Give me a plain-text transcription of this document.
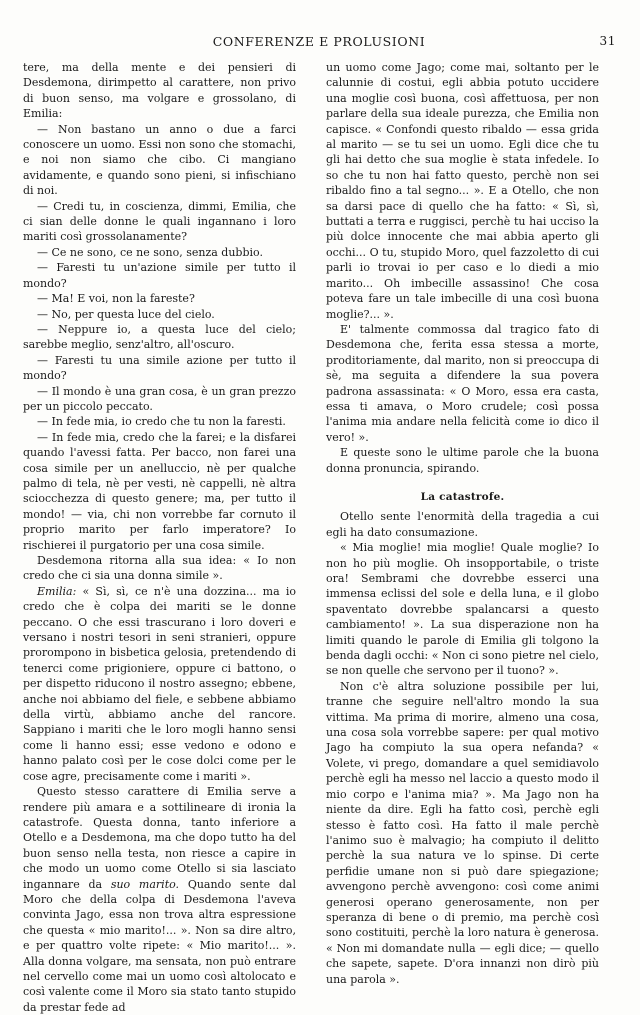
CONFERENZE E PROLUSIONI	31

tere, ma della mente e dei pensieri di Desdemona, dirimpetto al carattere, non privo di buon senso, ma volgare e grossolano, di Emilia:

— Non bastano un anno o due a farci conoscere un uomo. Essi non sono che stomachi, e noi non siamo che cibo. Ci mangiano avidamente, e quando sono pieni, si infischiano di noi.

— Credi tu, in coscienza, dimmi, Emilia, che ci sian delle donne le quali ingannano i loro mariti così grossolanamente?

— Ce ne sono, ce ne sono, senza dubbio.

— Faresti tu un'azione simile per tutto il mondo?

— Ma! E voi, non la fareste?

— No, per questa luce del cielo.

— Neppure io, a questa luce del cielo; sarebbe meglio, senz'altro, all'oscuro.

— Faresti tu una simile azione per tutto il mondo?

— Il mondo è una gran cosa, è un gran prezzo per un piccolo peccato.

— In fede mia, io credo che tu non la faresti.

— In fede mia, credo che la farei; e la disfarei quando l'avessi fatta. Per bacco, non farei una cosa simile per un anelluccio, nè per qualche palmo di tela, nè per vesti, nè cappelli, nè altra sciocchezza di questo genere; ma, per tutto il mondo! — via, chi non vorrebbe far cornuto il proprio marito per farlo imperatore? Io rischierei il purgatorio per una cosa simile.

Desdemona ritorna alla sua idea: « Io non credo che ci sia una donna simile ».

Emilia: « Sì, sì, ce n'è una dozzina... ma io credo che è colpa dei mariti se le donne peccano. O che essi trascurano i loro doveri e versano i nostri tesori in seni stranieri, oppure prorompono in bisbetica gelosia, pretendendo di tenerci come prigioniere, oppure ci battono, o per dispetto riducono il nostro assegno; ebbene, anche noi abbiamo del fiele, e sebbene abbiamo della virtù, abbiamo anche del rancore. Sappiano i mariti che le loro mogli hanno sensi come li hanno essi; esse vedono e odono e hanno palato così per le cose dolci come per le cose agre, precisamente come i mariti ».

Questo stesso carattere di Emilia serve a rendere più amara e a sottilineare di ironia la catastrofe. Questa donna, tanto inferiore a Otello e a Desdemona, ma che dopo tutto ha del buon senso nella testa, non riesce a capire in che modo un uomo come Otello si sia lasciato ingannare da suo marito. Quando sente dal Moro che della colpa di Desdemona l'aveva convinta Jago, essa non trova altra espressione che questa « mio marito!... ». Non sa dire altro, e per quattro volte ripete: « Mio marito!... ». Alla donna volgare, ma sensata, non può entrare nel cervello come mai un uomo così altolocato e così valente come il Moro sia stato tanto stupido da prestar fede ad

un uomo come Jago; come mai, soltanto per le calunnie di costui, egli abbia potuto uccidere una moglie così buona, così affettuosa, per non parlare della sua ideale purezza, che Emilia non capisce. « Confondi questo ribaldo — essa grida al marito — se tu sei un uomo. Egli dice che tu gli hai detto che sua moglie è stata infedele. Io so che tu non hai fatto questo, perchè non sei ribaldo fino a tal segno... ». E a Otello, che non sa darsi pace di quello che ha fatto: « Sì, sì, buttati a terra e ruggisci, perchè tu hai ucciso la più dolce innocente che mai abbia aperto gli occhi... O tu, stupido Moro, quel fazzoletto di cui parli io trovai io per caso e lo diedi a mio marito... Oh imbecille assassino! Che cosa poteva fare un tale imbecille di una così buona moglie?... ».

E' talmente commossa dal tragico fato di Desdemona che, ferita essa stessa a morte, proditoriamente, dal marito, non si preoccupa di sè, ma seguita a difendere la sua povera padrona assassinata: « O Moro, essa era casta, essa ti amava, o Moro crudele; così possa l'anima mia andare nella felicità come io dico il vero! ».

E queste sono le ultime parole che la buona donna pronuncia, spirando.

La catastrofe.

Otello sente l'enormità della tragedia a cui egli ha dato consumazione.

« Mia moglie! mia moglie! Quale moglie? Io non ho più moglie. Oh insopportabile, o triste ora! Sembrami che dovrebbe esserci una immensa eclissi del sole e della luna, e il globo spaventato dovrebbe spalancarsi a questo cambiamento! ». La sua disperazione non ha limiti quando le parole di Emilia gli tolgono la benda dagli occhi: « Non ci sono pietre nel cielo, se non quelle che servono per il tuono? ».

Non c'è altra soluzione possibile per lui, tranne che seguire nell'altro mondo la sua vittima. Ma prima di morire, almeno una cosa, una cosa sola vorrebbe sapere: per qual motivo Jago ha compiuto la sua opera nefanda? « Volete, vi prego, domandare a quel semidiavolo perchè egli ha messo nel laccio a questo modo il mio corpo e l'anima mia? ». Ma Jago non ha niente da dire. Egli ha fatto così, perchè egli stesso è fatto così. Ha fatto il male perchè l'animo suo è malvagio; ha compiuto il delitto perchè la sua natura ve lo spinse. Di certe perfidie umane non si può dare spiegazione; avvengono perchè avvengono: così come animi generosi operano generosamente, non per speranza di bene o di premio, ma perchè così sono costituiti, perchè la loro natura è generosa. « Non mi domandate nulla — egli dice; — quello che sapete, sapete. D'ora innanzi non dirò più una parola ».
